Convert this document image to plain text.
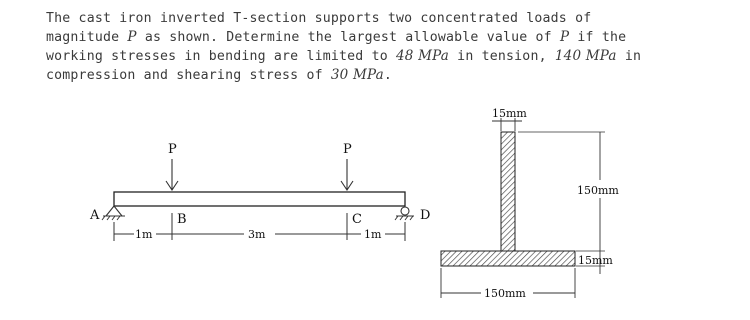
The cast iron inverted T-section supports two concentrated loads of
magnitude P as shown. Determine the largest allowable value of P if the
working stresses in bending are limited to 48 MPa in tension, 140 MPa in
compression and shearing stress of 30 MPa.
P	P
A	D
B	C
1m	3m	1m
15mm
150mm
15mm
150mm
